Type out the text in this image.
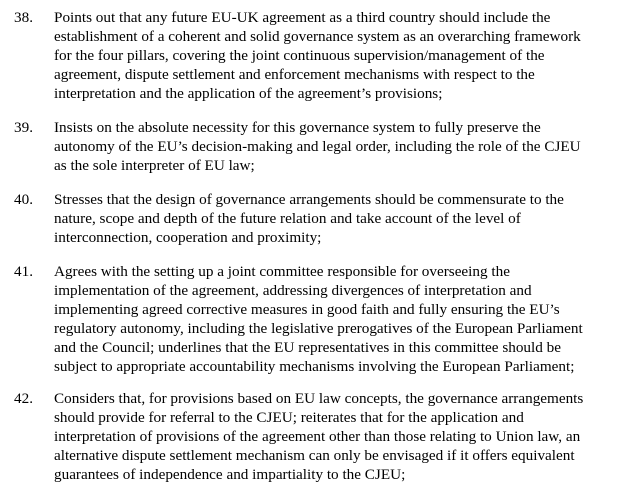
38.	Points out that any future EU-UK agreement as a third country should include the
establishment of a coherent and solid governance system as an overarching framework
for the four pillars, covering the joint continuous supervision/management of the
agreement, dispute settlement and enforcement mechanisms with respect to the
interpretation and the application of the agreement’s provisions;
39.	Insists on the absolute necessity for this governance system to fully preserve the
autonomy of the EU’s decision-making and legal order, including the role of the CJEU
as the sole interpreter of EU law;
40.	Stresses that the design of governance arrangements should be commensurate to the
nature, scope and depth of the future relation and take account of the level of
interconnection, cooperation and proximity;
41.	Agrees with the setting up a joint committee responsible for overseeing the
implementation of the agreement, addressing divergences of interpretation and
implementing agreed corrective measures in good faith and fully ensuring the EU’s
regulatory autonomy, including the legislative prerogatives of the European Parliament
and the Council; underlines that the EU representatives in this committee should be
subject to appropriate accountability mechanisms involving the European Parliament;
42.	Considers that, for provisions based on EU law concepts, the governance arrangements
should provide for referral to the CJEU; reiterates that for the application and
interpretation of provisions of the agreement other than those relating to Union law, an
alternative dispute settlement mechanism can only be envisaged if it offers equivalent
guarantees of independence and impartiality to the CJEU;
